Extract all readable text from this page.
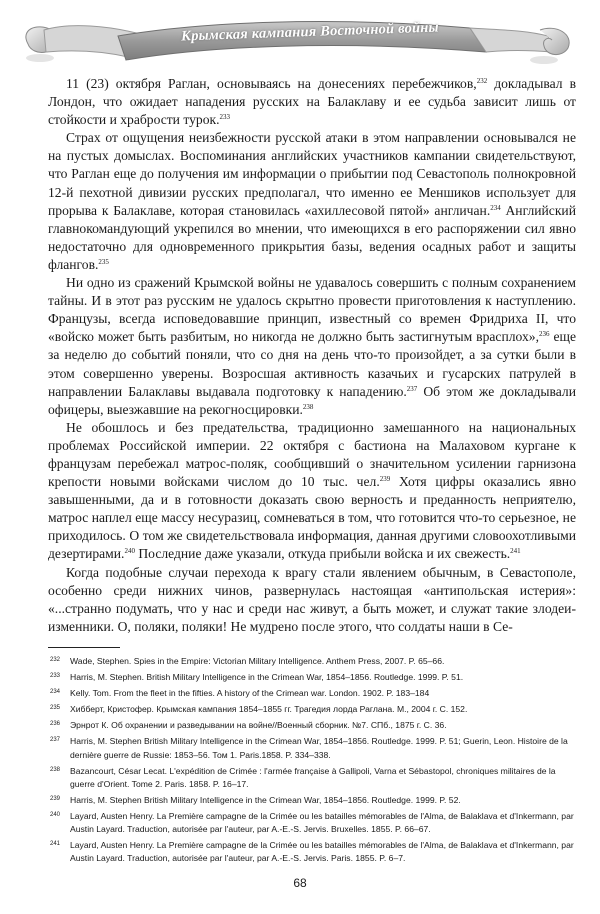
Крымская кампания Восточной войны

11 (23) октября Раглан, основываясь на донесениях перебежчиков,$^{232}$ докладывал в Лондон, что ожидает нападения русских на Балаклаву и ее судьба зависит лишь от стойкости и храбрости турок.$^{233}$

Страх от ощущения неизбежности русской атаки в этом направлении основывался не на пустых домыслах. Воспоминания английских участников кампании свидетельствуют, что Раглан еще до получения им информации о прибытии под Севастополь полнокровной 12-й пехотной дивизии русских предполагал, что именно ее Меншиков использует для прорыва к Балаклаве, которая становилась «ахиллесовой пятой» англичан.$^{234}$ Английский главнокомандующий укрепился во мнении, что имеющихся в его распоряжении сил явно недостаточно для одновременного прикрытия базы, ведения осадных работ и защиты флангов.$^{235}$

Ни одно из сражений Крымской войны не удавалось совершить с полным сохранением тайны. И в этот раз русским не удалось скрытно провести приготовления к наступлению. Французы, всегда исповедовавшие принцип, известный со времен Фридриха II, что «войско может быть разбитым, но никогда не должно быть застигнутым врасплох»,$^{236}$ еще за неделю до событий поняли, что со дня на день что-то произойдет, а за сутки были в этом совершенно уверены. Возросшая активность казачьих и гусарских патрулей в направлении Балаклавы выдавала подготовку к нападению.$^{237}$ Об этом же докладывали офицеры, выезжавшие на рекогносцировки.$^{238}$

Не обошлось и без предательства, традиционно замешанного на национальных проблемах Российской империи. 22 октября с бастиона на Малаховом кургане к французам перебежал матрос-поляк, сообщивший о значительном усилении гарнизона крепости новыми войсками числом до 10 тыс. чел.$^{239}$ Хотя цифры оказались явно завышенными, да и в готовности доказать свою верность и преданность неприятелю, матрос наплел еще массу несуразиц, сомневаться в том, что готовится что-то серьезное, не приходилось. О том же свидетельствовала информация, данная другими словоохотливыми дезертирами.$^{240}$ Последние даже указали, откуда прибыли войска и их свежесть.$^{241}$

Когда подобные случаи перехода к врагу стали явлением обычным, в Севастополе, особенно среди нижних чинов, развернулась настоящая «антипольская истерия»: «...странно подумать, что у нас и среди нас живут, а быть может, и служат такие злодеи-изменники. О, поляки, поляки! Не мудрено после этого, что солдаты наши в Се-

232 Wade, Stephen. Spies in the Empire: Victorian Military Intelligence. Anthem Press, 2007. P. 65–66.
233 Harris, M. Stephen. British Military Intelligence in the Crimean War, 1854–1856. Routledge. 1999. P. 51.
234 Kelly. Tom. From the fleet in the fifties. A history of the Crimean war. London. 1902. P. 183–184
235 Хибберт, Кристофер. Крымская кампания 1854–1855 гг. Трагедия лорда Раглана. М., 2004 г. С. 152.
236 Эрнрот К. Об охранении и разведывании на войне//Военный сборник. №7. СПб., 1875 г. С. 36.
237 Harris, M. Stephen British Military Intelligence in the Crimean War, 1854–1856. Routledge. 1999. P. 51; Guerin, Leon. Histoire de la dernière guerre de Russie: 1853–56. Том 1. Paris.1858. P. 334–338.
238 Bazancourt, César Lecat. L'expédition de Crimée : l'armée française à Gallipoli, Varna et Sébastopol, chroniques militaires de la guerre d'Orient. Tome 2. Paris. 1858. P. 16–17.
239 Harris, M. Stephen British Military Intelligence in the Crimean War, 1854–1856. Routledge. 1999. P. 52.
240 Layard, Austen Henry. La Première campagne de la Crimée ou les batailles mémorables de l'Alma, de Balaklava et d'Inkermann, par Austin Layard. Traduction, autorisée par l'auteur, par A.-E.-S. Jervis. Bruxelles. 1855. P. 66–67.
241 Layard, Austen Henry. La Première campagne de la Crimée ou les batailles mémorables de l'Alma, de Balaklava et d'Inkermann, par Austin Layard. Traduction, autorisée par l'auteur, par A.-E.-S. Jervis. Paris. 1855. P. 6–7.
68
